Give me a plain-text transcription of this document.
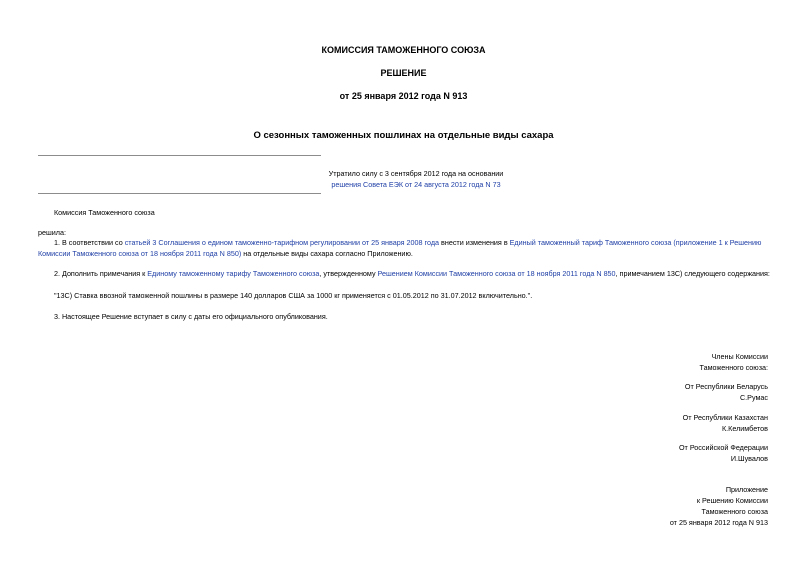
КОМИССИЯ ТАМОЖЕННОГО СОЮЗА
РЕШЕНИЕ
от 25 января 2012 года N 913
О сезонных таможенных пошлинах на отдельные виды сахара
Утратило силу с 3 сентября 2012 года на основании
решения Совета ЕЭК от 24 августа 2012 года N 73
Комиссия Таможенного союза
решила:
1. В соответствии со статьей 3 Соглашения о едином таможенно-тарифном регулировании от 25 января 2008 года внести изменения в Единый таможенный тариф Таможенного союза (приложение 1 к Решению Комиссии Таможенного союза от 18 ноября 2011 года N 850) на отдельные виды сахара согласно Приложению.
2. Дополнить примечания к Единому таможенному тарифу Таможенного союза, утвержденному Решением Комиссии Таможенного союза от 18 ноября 2011 года N 850, примечанием 13С) следующего содержания:
"13С) Ставка ввозной таможенной пошлины в размере 140 долларов США за 1000 кг применяется с 01.05.2012 по 31.07.2012 включительно.".
3. Настоящее Решение вступает в силу с даты его официального опубликования.
Члены Комиссии
Таможенного союза:
От Республики Беларусь
С.Румас
От Республики Казахстан
К.Келимбетов
От Российской Федерации
И.Шувалов
Приложение
к Решению Комиссии
Таможенного союза
от 25 января 2012 года N 913
